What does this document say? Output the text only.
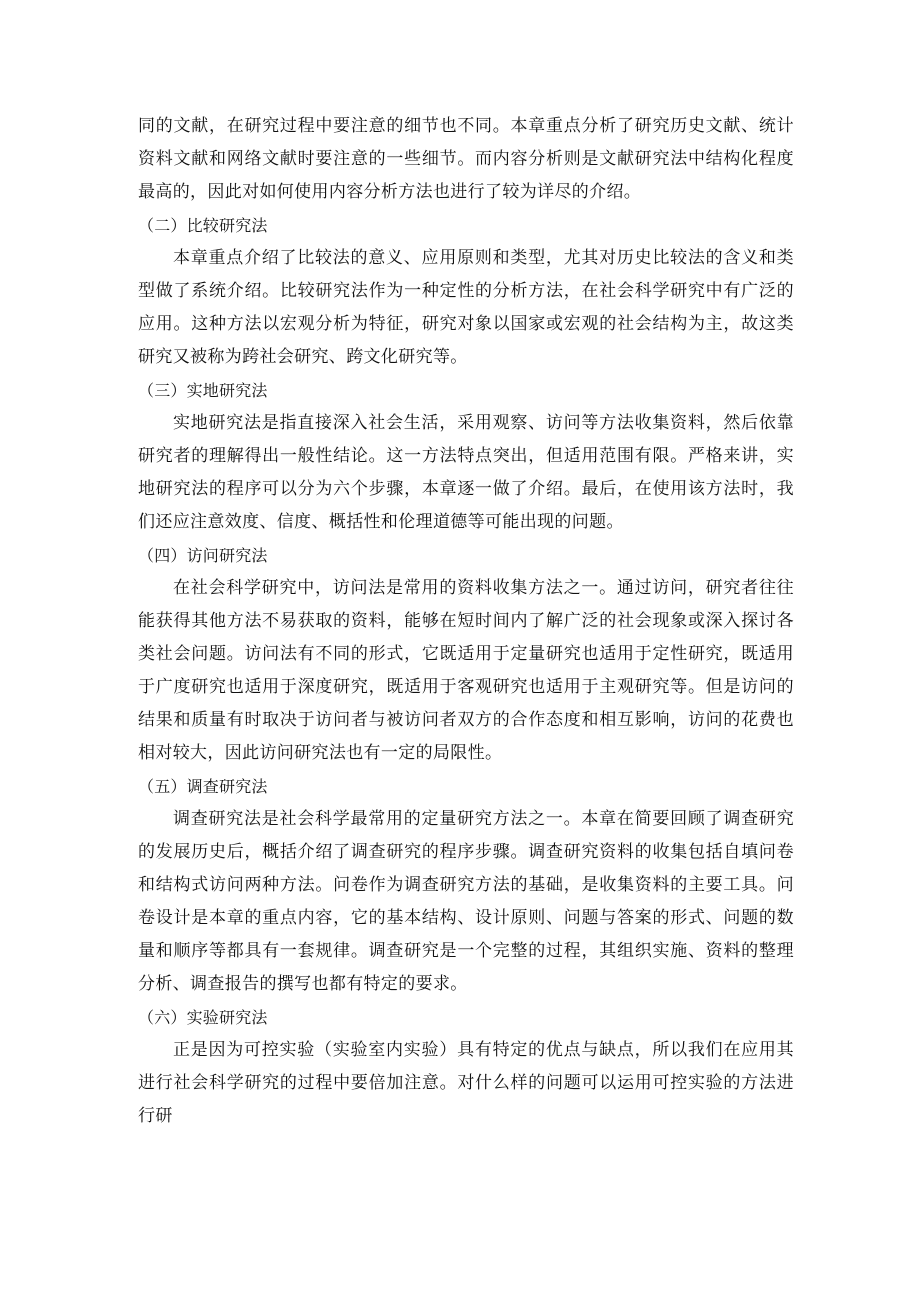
同的文献，在研究过程中要注意的细节也不同。本章重点分析了研究历史文献、统计资料文献和网络文献时要注意的一些细节。而内容分析则是文献研究法中结构化程度最高的，因此对如何使用内容分析方法也进行了较为详尽的介绍。

（二）比较研究法

本章重点介绍了比较法的意义、应用原则和类型，尤其对历史比较法的含义和类型做了系统介绍。比较研究法作为一种定性的分析方法，在社会科学研究中有广泛的应用。这种方法以宏观分析为特征，研究对象以国家或宏观的社会结构为主，故这类研究又被称为跨社会研究、跨文化研究等。

（三）实地研究法

实地研究法是指直接深入社会生活，采用观察、访问等方法收集资料，然后依靠研究者的理解得出一般性结论。这一方法特点突出，但适用范围有限。严格来讲，实地研究法的程序可以分为六个步骤，本章逐一做了介绍。最后，在使用该方法时，我们还应注意效度、信度、概括性和伦理道德等可能出现的问题。

（四）访问研究法

在社会科学研究中，访问法是常用的资料收集方法之一。通过访问，研究者往往能获得其他方法不易获取的资料，能够在短时间内了解广泛的社会现象或深入探讨各类社会问题。访问法有不同的形式，它既适用于定量研究也适用于定性研究，既适用于广度研究也适用于深度研究，既适用于客观研究也适用于主观研究等。但是访问的结果和质量有时取决于访问者与被访问者双方的合作态度和相互影响，访问的花费也相对较大，因此访问研究法也有一定的局限性。

（五）调查研究法

调查研究法是社会科学最常用的定量研究方法之一。本章在简要回顾了调查研究的发展历史后，概括介绍了调查研究的程序步骤。调查研究资料的收集包括自填问卷和结构式访问两种方法。问卷作为调查研究方法的基础，是收集资料的主要工具。问卷设计是本章的重点内容，它的基本结构、设计原则、问题与答案的形式、问题的数量和顺序等都具有一套规律。调查研究是一个完整的过程，其组织实施、资料的整理分析、调查报告的撰写也都有特定的要求。

（六）实验研究法

正是因为可控实验（实验室内实验）具有特定的优点与缺点，所以我们在应用其进行社会科学研究的过程中要倍加注意。对什么样的问题可以运用可控实验的方法进行研
